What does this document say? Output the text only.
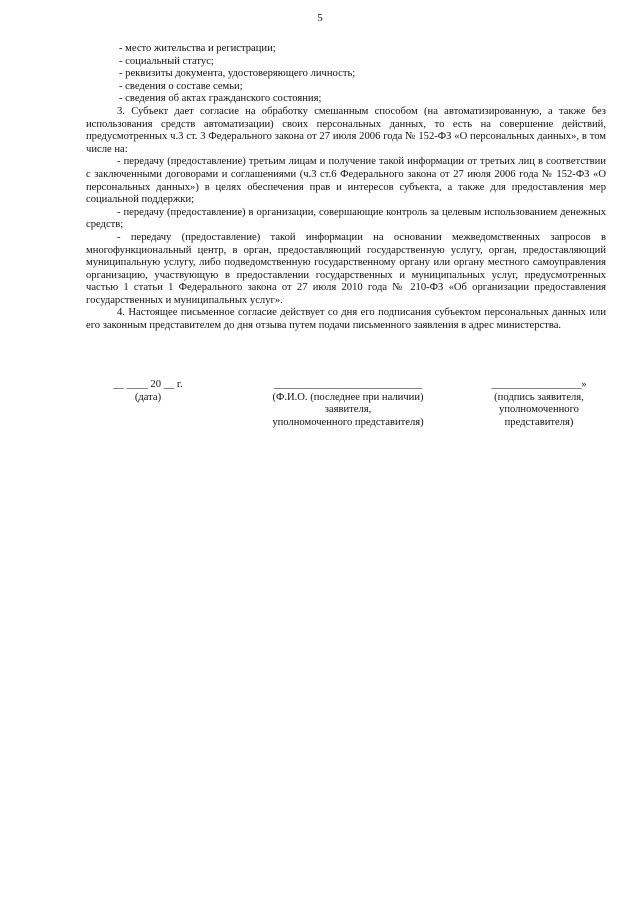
5

- место жительства и регистрации;

- социальный статус;

- реквизиты документа, удостоверяющего личность;

- сведения о составе семьи;

- сведения об актах гражданского состояния;

3. Субъект дает согласие на обработку смешанным способом (на автоматизированную, а также без использования средств автоматизации) своих персональных данных, то есть на совершение действий, предусмотренных ч.3 ст. 3 Федерального закона от 27 июля 2006 года № 152-ФЗ «О персональных данных», в том числе на:

- передачу (предоставление) третьим лицам и получение такой информации от третьих лиц в соответствии с заключенными договорами и соглашениями (ч.3 ст.6 Федерального закона от 27 июля 2006 года № 152-ФЗ «О персональных данных») в целях обеспечения прав и интересов субъекта, а также для предоставления мер социальной поддержки;

- передачу (предоставление) в организации, совершающие контроль за целевым использованием денежных средств;

- передачу (предоставление) такой информации на основании межведомственных запросов в многофункциональный центр, в орган, предоставляющий государственную услугу, орган, предоставляющий муниципальную услугу, либо подведомственную государственному органу или органу местного самоуправления организацию, участвующую в предоставлении государственных и муниципальных услуг, предусмотренных частью 1 статьи 1 Федерального закона от 27 июля 2010 года № 210-ФЗ «Об организации предоставления государственных и муниципальных услуг».

4. Настоящее письменное согласие действует со дня его подписания субъектом персональных данных или его законным представителем до дня отзыва путем подачи письменного заявления в адрес министерства.

__ ____ 20 __ г.
(дата)
____________________________
(Ф.И.О. (последнее при наличии) заявителя,
уполномоченного представителя)
_________________»
(подпись заявителя,
уполномоченного
представителя)
